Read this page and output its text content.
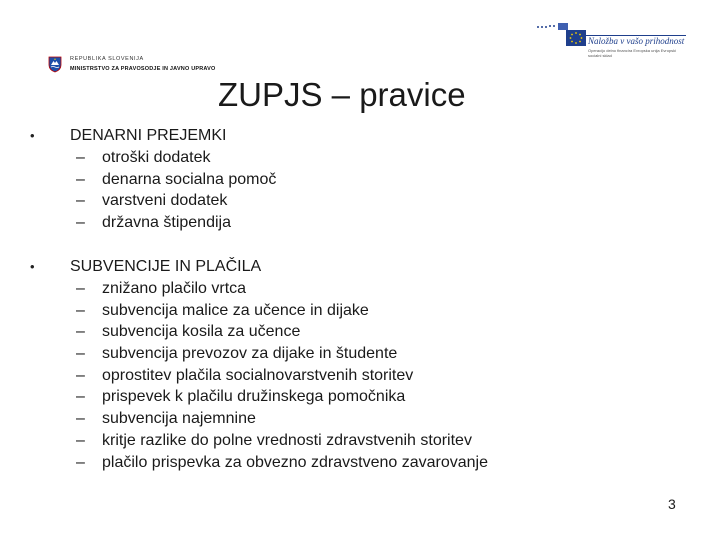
REPUBLIKA SLOVENIJA
MINISTRSTVO ZA PRAVOSODJE IN JAVNO UPRAVO
Naložba v vašo prihodnost
Operacijo delno financira Evropska unija Evropski socialni sklad
ZUPJS – pravice
• DENARNI PREJEMKI
–	otroški dodatek
–	denarna socialna pomoč
–	varstveni dodatek
–	državna štipendija
• SUBVENCIJE IN PLAČILA
–	znižano plačilo vrtca
–	subvencija malice za učence in dijake
–	subvencija kosila za učence
–	subvencija prevozov za dijake in študente
–	oprostitev plačila socialnovarstvenih storitev
–	prispevek k plačilu družinskega pomočnika
–	subvencija najemnine
–	kritje razlike do polne vrednosti zdravstvenih storitev
–	plačilo prispevka za obvezno zdravstveno zavarovanje
3
